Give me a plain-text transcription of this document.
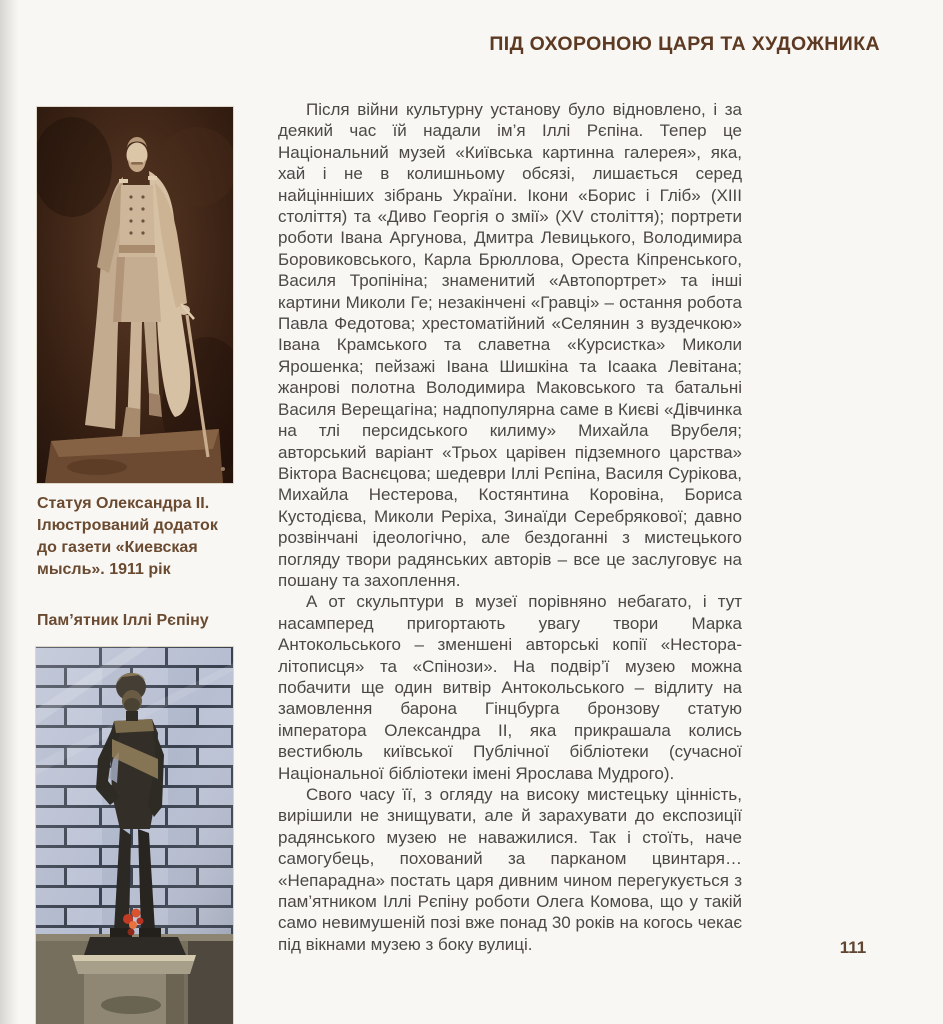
ПІД ОХОРОНОЮ ЦАРЯ ТА ХУДОЖНИКА
Статуя Олександра II. Ілюстрований додаток до газети «Киевская мысль». 1911 рік
Пам’ятник Іллі Рєпіну

Після війни культурну установу було відновлено, і за деякий час їй надали ім’я Іллі Рєпіна. Тепер це Національний музей «Київська картинна галерея», яка, хай і не в колишньому обсязі, лишається серед найцінніших зібрань України. Ікони «Борис і Гліб» (XIII століття) та «Диво Георгія о змії» (XV століття); портрети роботи Івана Аргунова, Дмитра Левицького, Володимира Боровиковського, Карла Брюллова, Ореста Кіпренського, Василя Тропініна; знаменитий «Автопортрет» та інші картини Миколи Ге; незакінчені «Гравці» – остання робота Павла Федотова; хрестоматійний «Селянин з вуздечкою» Івана Крамського та славетна «Курсистка» Миколи Ярошенка; пейзажі Івана Шишкіна та Ісаака Левітана; жанрові полотна Володимира Маковського та батальні Василя Верещагіна; надпопулярна саме в Києві «Дівчинка на тлі персидського килиму» Михайла Врубеля; авторський варіант «Трьох царівен підземного царства» Віктора Васнєцова; шедеври Іллі Рєпіна, Василя Сурікова, Михайла Нестерова, Костянтина Коровіна, Бориса Кустодієва, Миколи Реріха, Зинаїди Серебрякової; давно розвінчані ідеологічно, але бездоганні з мистецького погляду твори радянських авторів – все це заслуговує на пошану та захоплення.

А от скульптури в музеї порівняно небагато, і тут насамперед пригортають увагу твори Марка Антокольського – зменшені авторські копії «Нестора-літописця» та «Спінози». На подвір’ї музею можна побачити ще один витвір Антокольського – відлиту на замовлення барона Гінцбурга бронзову статую імператора Олександра II, яка прикрашала колись вестибюль київської Публічної бібліотеки (сучасної Національної бібліотеки імені Ярослава Мудрого).

Свого часу її, з огляду на високу мистецьку цінність, вирішили не знищувати, але й зарахувати до експозиції радянського музею не наважилися. Так і стоїть, наче самогубець, похований за парканом цвинтаря… «Непарадна» постать царя дивним чином перегукується з пам’ятником Іллі Рєпіну роботи Олега Комова, що у такій само невимушеній позі вже понад 30 років на когось чекає під вікнами музею з боку вулиці.	111
